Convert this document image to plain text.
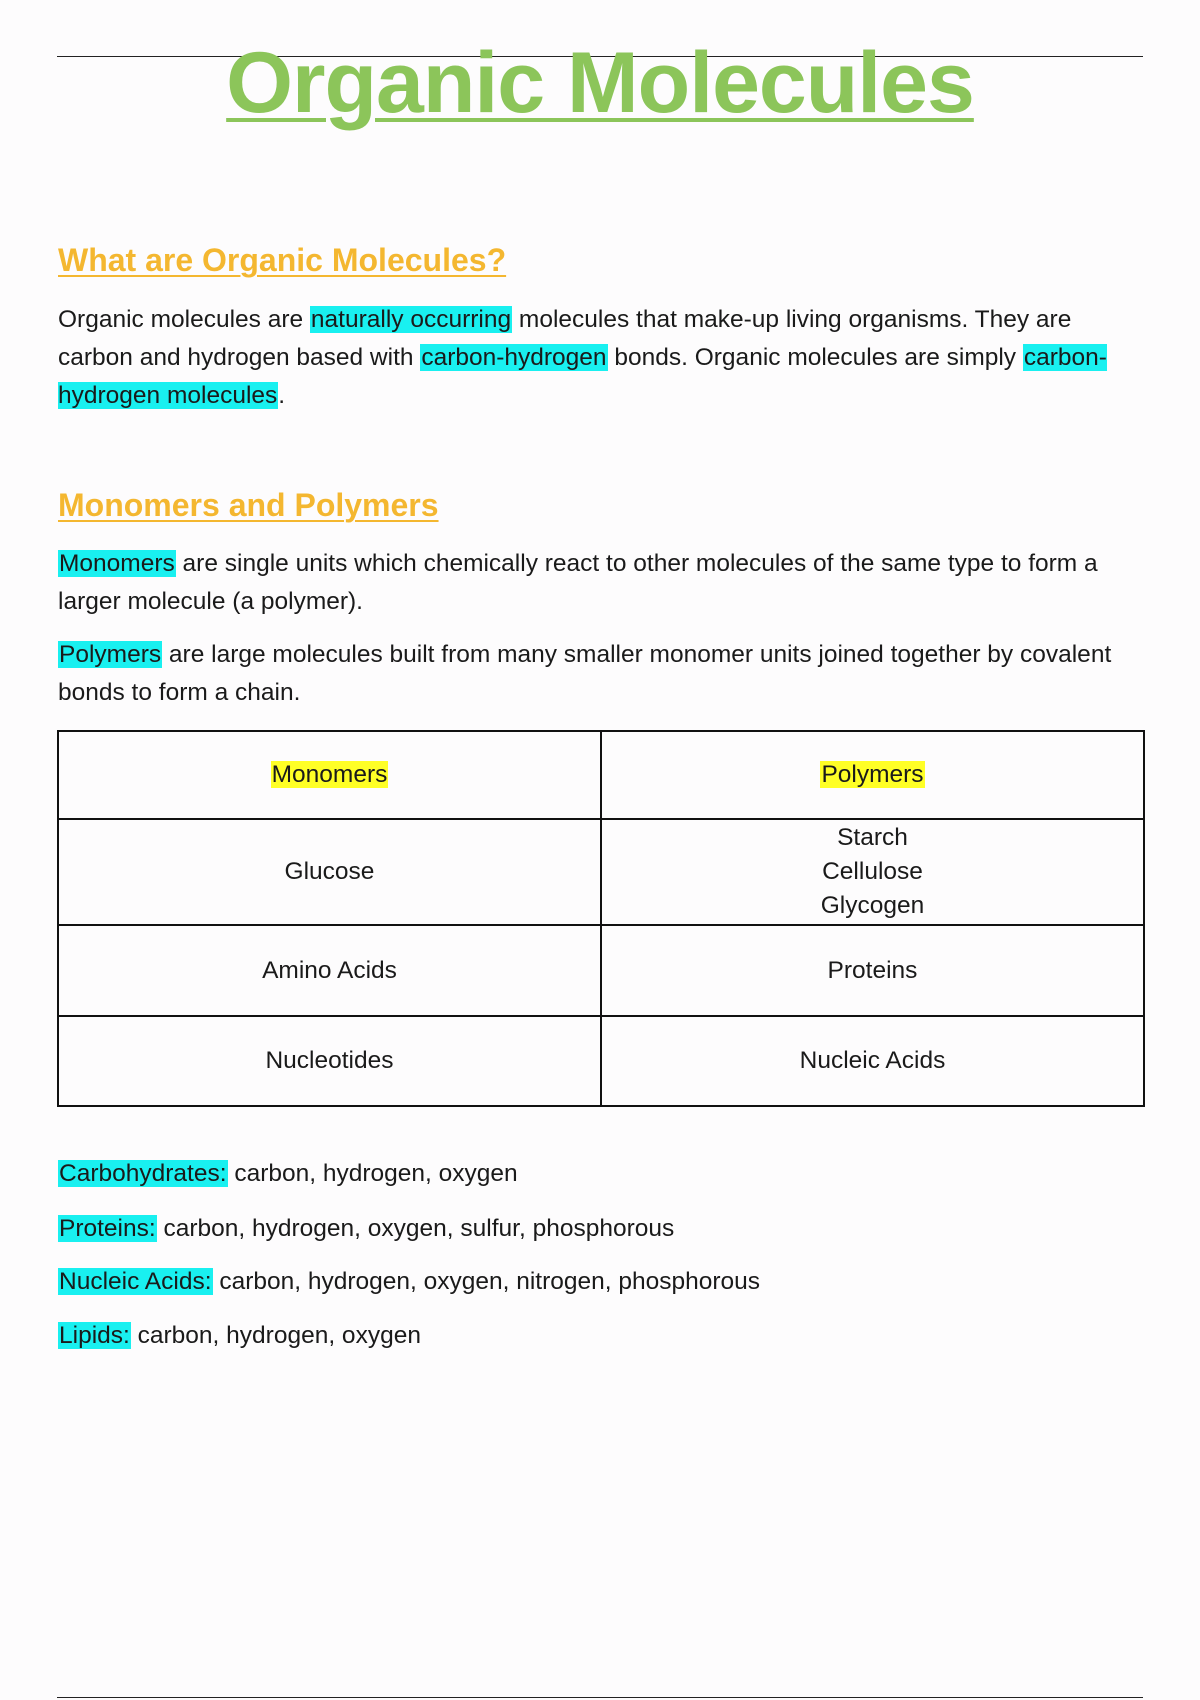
Organic Molecules
What are Organic Molecules?

Organic molecules are naturally occurring molecules that make-up living organisms. They are carbon and hydrogen based with carbon-hydrogen bonds. Organic molecules are simply carbon-hydrogen molecules.

Monomers and Polymers

Monomers are single units which chemically react to other molecules of the same type to form a larger molecule (a polymer).

Polymers are large molecules built from many smaller monomer units joined together by covalent bonds to form a chain.

Monomers	Polymers
Glucose	Starch
Cellulose
Glycogen

Amino Acids	Proteins

Nucleotides	Nucleic Acids
Carbohydrates: carbon, hydrogen, oxygen
Proteins: carbon, hydrogen, oxygen, sulfur, phosphorous
Nucleic Acids: carbon, hydrogen, oxygen, nitrogen, phosphorous
Lipids: carbon, hydrogen, oxygen
